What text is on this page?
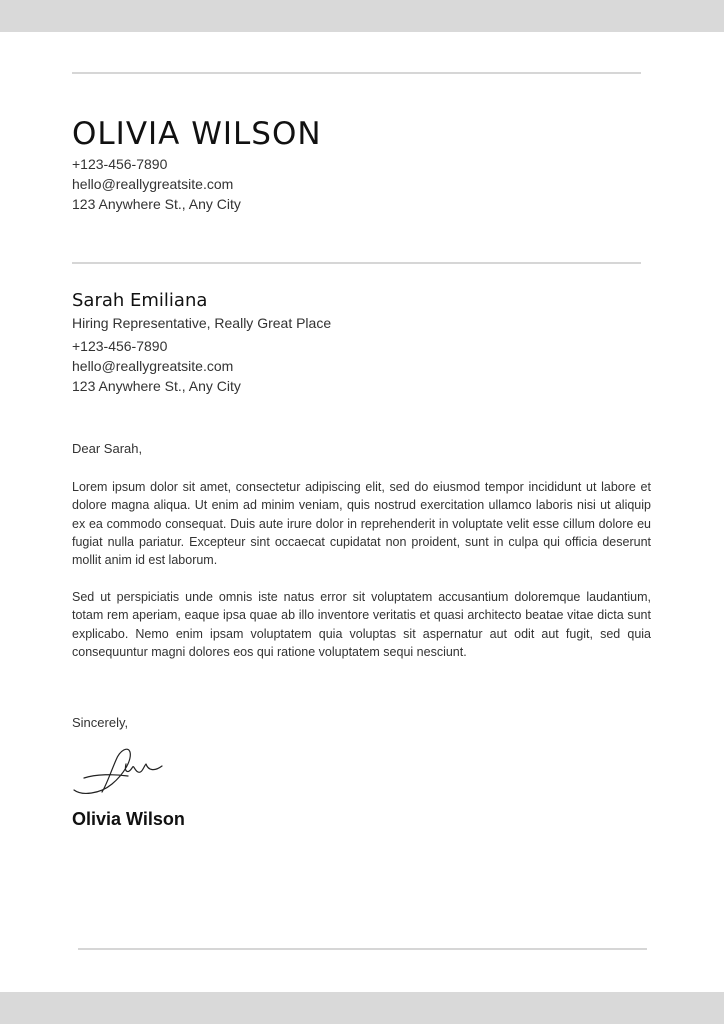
OLIVIA WILSON
+123-456-7890
hello@reallygreatsite.com
123 Anywhere St., Any City
Sarah Emiliana
Hiring Representative, Really Great Place
+123-456-7890
hello@reallygreatsite.com
123 Anywhere St., Any City
Dear Sarah,

Lorem ipsum dolor sit amet, consectetur adipiscing elit, sed do eiusmod tempor incididunt ut labore et dolore magna aliqua. Ut enim ad minim veniam, quis nostrud exercitation ullamco laboris nisi ut aliquip ex ea commodo consequat. Duis aute irure dolor in reprehenderit in voluptate velit esse cillum dolore eu fugiat nulla pariatur. Excepteur sint occaecat cupidatat non proident, sunt in culpa qui officia deserunt mollit anim id est laborum.

Sed ut perspiciatis unde omnis iste natus error sit voluptatem accusantium doloremque laudantium, totam rem aperiam, eaque ipsa quae ab illo inventore veritatis et quasi architecto beatae vitae dicta sunt explicabo. Nemo enim ipsam voluptatem quia voluptas sit aspernatur aut odit aut fugit, sed quia consequuntur magni dolores eos qui ratione voluptatem sequi nesciunt.

Sincerely,
Olivia Wilson
